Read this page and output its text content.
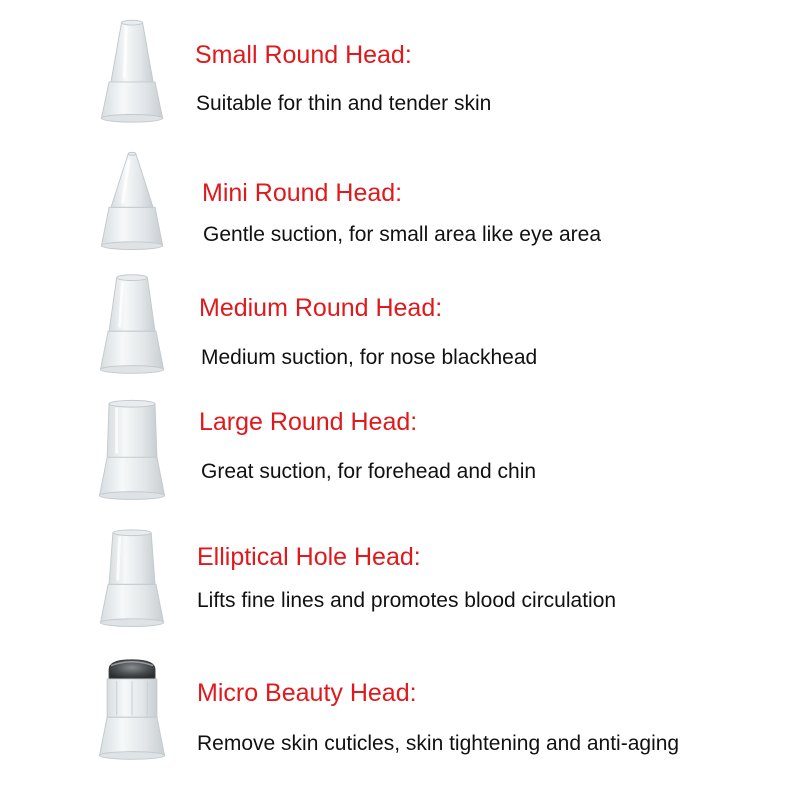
Small Round Head:
Suitable for thin and tender skin
Mini Round Head:
Gentle suction, for small area like eye area
Medium Round Head:
Medium suction, for nose blackhead
Large Round Head:
Great suction, for forehead and chin
Elliptical Hole Head:
Lifts fine lines and promotes blood circulation
Micro Beauty Head:
Remove skin cuticles, skin tightening and anti-aging
